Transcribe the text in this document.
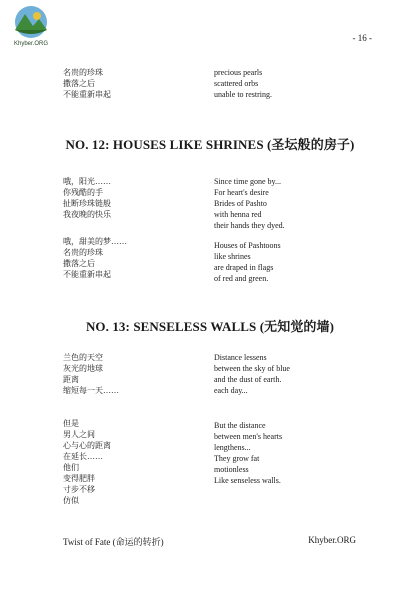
Khyber.ORG
- 16 -
名贵的珍珠
撒落之后
不能重新串起
precious pearls
scattered orbs
unable to restring.
NO. 12: HOUSES LIKE SHRINES (圣坛般的房子)
哦，阳光……
你残酷的手
扯断珍珠链般
我夜晚的快乐
Since time gone by...
For heart's desire
Brides of Pashto
with henna red
their hands they dyed.
哦，甜美的梦……
名贵的珍珠
撒落之后
不能重新串起
Houses of Pashtoons
like shrines
are draped in flags
of red and green.
NO. 13: SENSELESS WALLS (无知觉的墙)
兰色的天空
灰光的地球
距离
缩短每一天……
Distance lessens
between the sky of blue
and the dust of earth.
each day...
但是
男人之间
心与心的距离
在延长……
他们
变得肥胖
寸步不移
仿似
But the distance
between men's hearts
lengthens...
They grow fat
motionless
Like senseless walls.
Twist of Fate (命运的转折)	Khyber.ORG
